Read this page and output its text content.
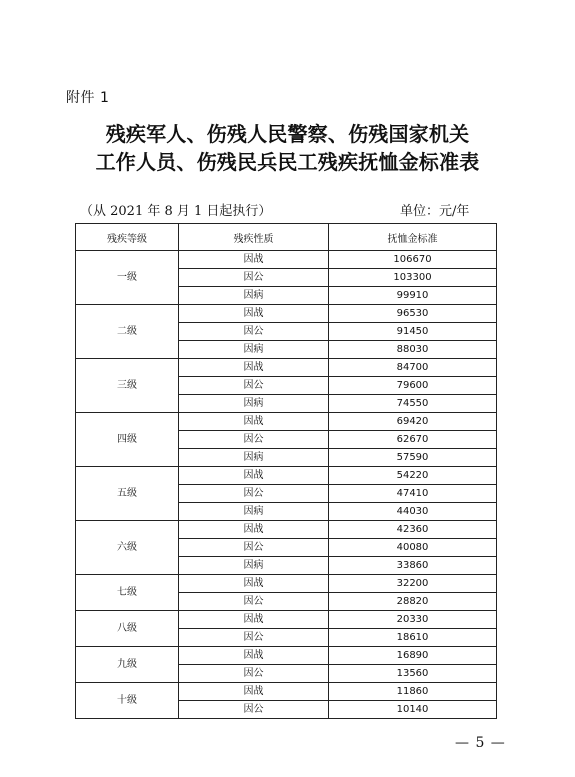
附件 1
残疾军人、伤残人民警察、伤残国家机关
工作人员、伤残民兵民工残疾抚恤金标准表
（从 2021 年 8 月 1 日起执行）	单位：元/年
残疾等级	残疾性质	抚恤金标准
一级	因战	106670
	因公	103300
	因病	99910
二级	因战	96530
	因公	91450
	因病	88030
三级	因战	84700
	因公	79600
	因病	74550
四级	因战	69420
	因公	62670
	因病	57590
五级	因战	54220
	因公	47410
	因病	44030
六级	因战	42360
	因公	40080
	因病	33860
七级	因战	32200
	因公	28820
八级	因战	20330
	因公	18610
九级	因战	16890
	因公	13560
十级	因战	11860
	因公	10140
— 5 —
